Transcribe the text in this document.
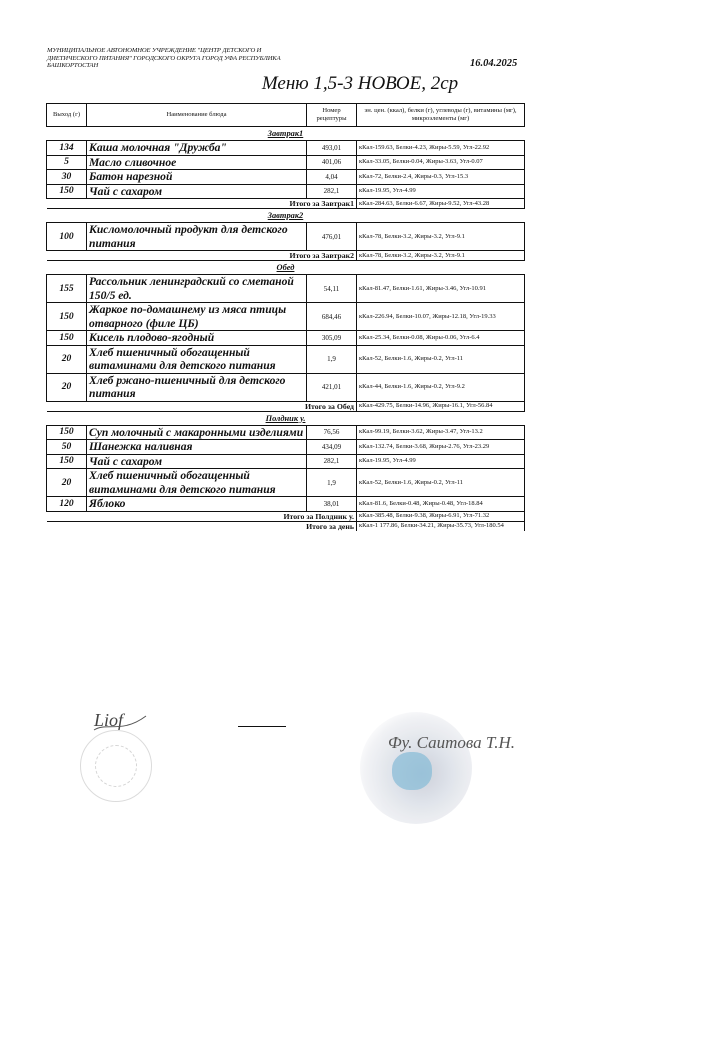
МУНИЦИПАЛЬНОЕ АВТОНОМНОЕ УЧРЕЖДЕНИЕ "ЦЕНТР ДЕТСКОГО И ДИЕТИЧЕСКОГО ПИТАНИЯ" ГОРОДСКОГО ОКРУГА ГОРОД УФА РЕСПУБЛИКА БАШКОРТОСТАН	16.04.2025
Меню 1,5-3 НОВОЕ, 2ср
Выход (г)	Наименование блюда	Номер рецептуры	эн. цен. (ккал), белки (г), углеводы (г), витамины (мг), микроэлементы (мг)
Завтрак1			
134	Каша молочная "Дружба"	493,01	кКал-159.63, Белки-4.23, Жиры-5.59, Угл-22.92
5	Масло сливочное	401,06	кКал-33.05, Белки-0.04, Жиры-3.63, Угл-0.07
30	Батон нарезной	4,04	кКал-72, Белки-2.4, Жиры-0.3, Угл-15.3
150	Чай с сахаром	282,1	кКал-19.95, Угл-4.99
Итого за Завтрак1			кКал-284.63, Белки-6.67, Жиры-9.52, Угл-43.28
Завтрак2			
100	Кисломолочный продукт для детского питания	476,01	кКал-78, Белки-3.2, Жиры-3.2, Угл-9.1
Итого за Завтрак2			кКал-78, Белки-3.2, Жиры-3.2, Угл-9.1
Обед			
155	Рассольник ленинградский со сметаной 150/5 ед.	54,11	кКал-81.47, Белки-1.61, Жиры-3.46, Угл-10.91
150	Жаркое по-домашнему из мяса птицы отварного (филе ЦБ)	684,46	кКал-226.94, Белки-10.07, Жиры-12.18, Угл-19.33
150	Кисель плодово-ягодный	305,09	кКал-25.34, Белки-0.08, Жиры-0.06, Угл-6.4
20	Хлеб пшеничный обогащенный витаминами для детского питания	1,9	кКал-52, Белки-1.6, Жиры-0.2, Угл-11
20	Хлеб ржано-пшеничный для детского питания	421,01	кКал-44, Белки-1.6, Жиры-0.2, Угл-9.2
Итого за Обед			кКал-429.75, Белки-14.96, Жиры-16.1, Угл-56.84
Полдник у.			
150	Суп молочный с макаронными изделиями	76,56	кКал-99.19, Белки-3.62, Жиры-3.47, Угл-13.2
50	Шанежка наливная	434,09	кКал-132.74, Белки-3.68, Жиры-2.76, Угл-23.29
150	Чай с сахаром	282,1	кКал-19.95, Угл-4.99
20	Хлеб пшеничный обогащенный витаминами для детского питания	1,9	кКал-52, Белки-1.6, Жиры-0.2, Угл-11
120	Яблоко	38,01	кКал-81.6, Белки-0.48, Жиры-0.48, Угл-18.84
Итого за Полдник у.			кКал-385.48, Белки-9.38, Жиры-6.91, Угл-71.32
Итого за день			кКал-1 177.86, Белки-34.21, Жиры-35.73, Угл-180.54
Liof
Фу. Саитова Т.Н.
